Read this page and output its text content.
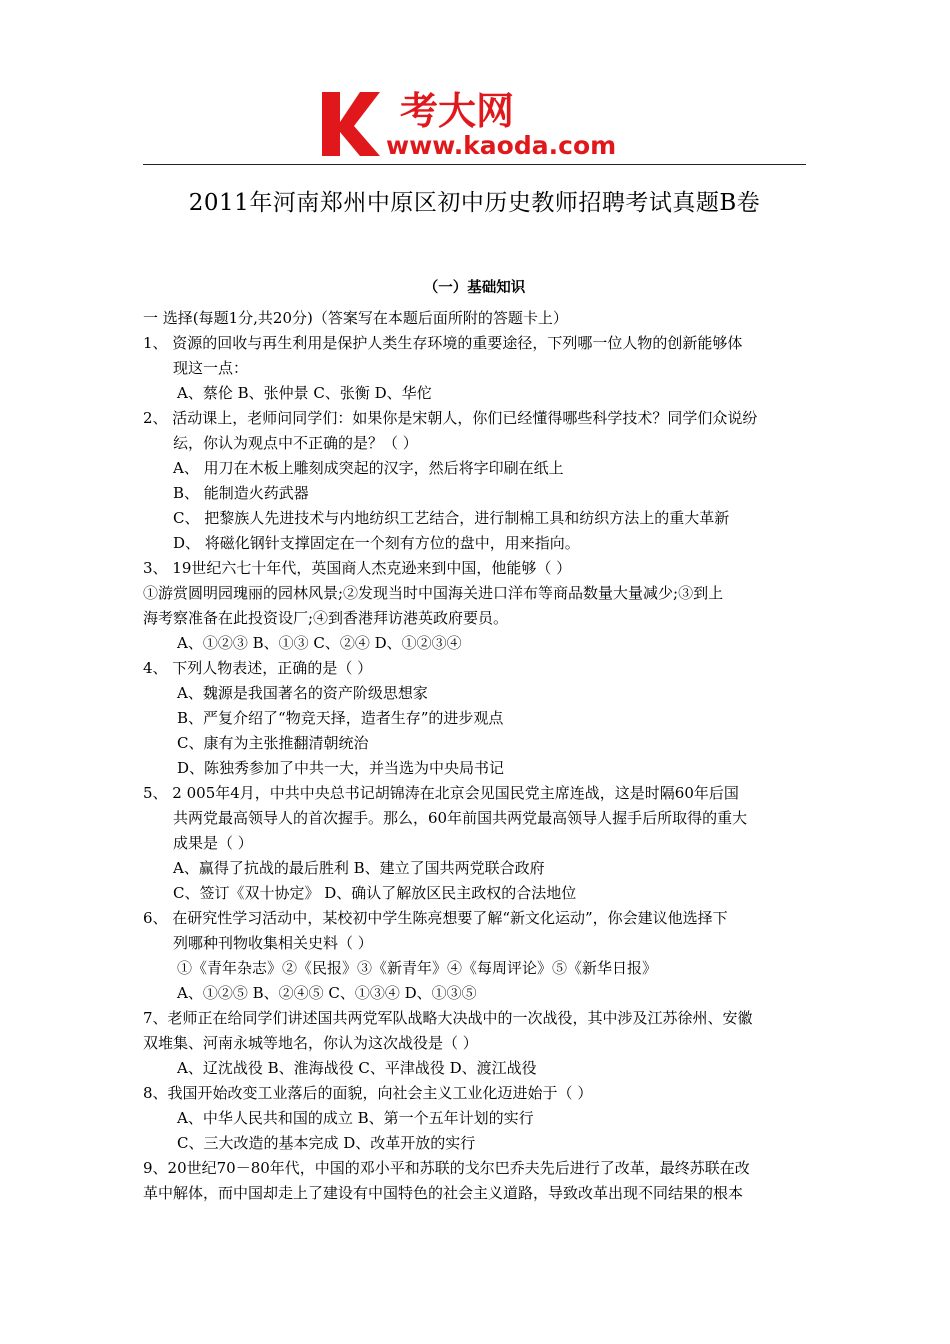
考大网
www.kaoda.com
2011年河南郑州中原区初中历史教师招聘考试真题B卷
（一）基础知识
一 选择(每题1分,共20分)（答案写在本题后面所附的答题卡上）
1、 资源的回收与再生利用是保护人类生存环境的重要途径，下列哪一位人物的创新能够体
现这一点：
A、蔡伦 B、张仲景 C、张衡 D、华佗
2、 活动课上，老师问同学们：如果你是宋朝人，你们已经懂得哪些科学技术？同学们众说纷
纭，你认为观点中不正确的是？（ ）
A、 用刀在木板上雕刻成突起的汉字，然后将字印刷在纸上
B、 能制造火药武器
C、 把黎族人先进技术与内地纺织工艺结合，进行制棉工具和纺织方法上的重大革新
D、 将磁化钢针支撑固定在一个刻有方位的盘中，用来指向。
3、 19世纪六七十年代，英国商人杰克逊来到中国，他能够（ ）
①游赏圆明园瑰丽的园林风景;②发现当时中国海关进口洋布等商品数量大量减少;③到上
海考察准备在此投资设厂;④到香港拜访港英政府要员。
A、①②③ B、①③ C、②④ D、①②③④
4、 下列人物表述，正确的是（ ）
A、魏源是我国著名的资产阶级思想家
B、严复介绍了“物竞天择，造者生存”的进步观点
C、康有为主张推翻清朝统治
D、陈独秀参加了中共一大，并当选为中央局书记
5、 2 005年4月，中共中央总书记胡锦涛在北京会见国民党主席连战，这是时隔60年后国
共两党最高领导人的首次握手。那么，60年前国共两党最高领导人握手后所取得的重大
成果是（ ）
A、赢得了抗战的最后胜利 B、建立了国共两党联合政府
C、签订《双十协定》 D、确认了解放区民主政权的合法地位
6、 在研究性学习活动中，某校初中学生陈亮想要了解“新文化运动”，你会建议他选择下
列哪种刊物收集相关史料（ ）
①《青年杂志》②《民报》③《新青年》④《每周评论》⑤《新华日报》
A、①②⑤ B、②④⑤ C、①③④ D、①③⑤
7、老师正在给同学们讲述国共两党军队战略大决战中的一次战役，其中涉及江苏徐州、安徽
双堆集、河南永城等地名，你认为这次战役是（ ）
A、辽沈战役 B、淮海战役 C、平津战役 D、渡江战役
8、我国开始改变工业落后的面貌，向社会主义工业化迈进始于（ ）
A、中华人民共和国的成立 B、第一个五年计划的实行
C、三大改造的基本完成 D、改革开放的实行
9、20世纪70－80年代，中国的邓小平和苏联的戈尔巴乔夫先后进行了改革，最终苏联在改
革中解体，而中国却走上了建设有中国特色的社会主义道路，导致改革出现不同结果的根本
